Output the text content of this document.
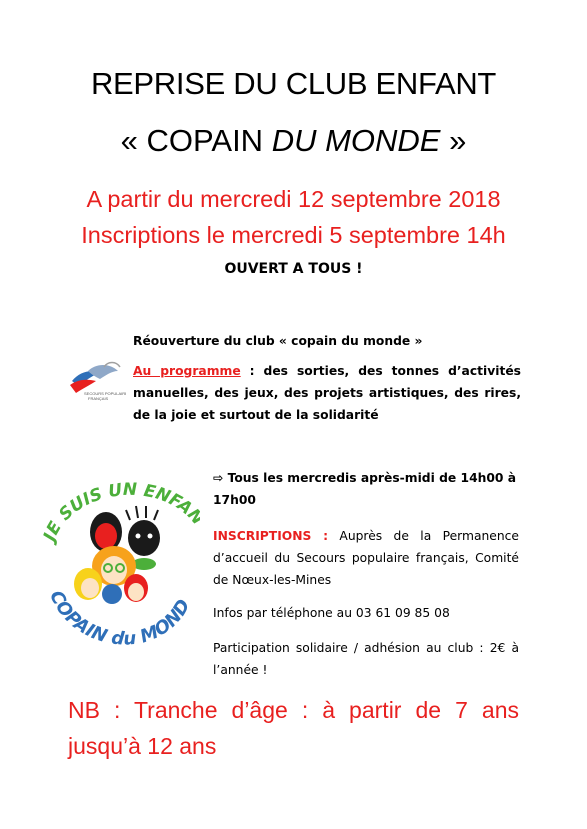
REPRISE DU CLUB ENFANT
« COPAIN DU MONDE »
A partir du mercredi 12 septembre 2018
Inscriptions le mercredi 5 septembre 14h
OUVERT A TOUS !
SECOURS POPULAIRE
FRANÇAIS
Réouverture du club « copain du monde »
Au programme : des sorties, des tonnes d’activités manuelles, des jeux, des projets artistiques, des rires, de la joie et surtout de la solidarité
JE SUIS UN ENFA
COPAIN du MOND
⇨ Tous les mercredis après-midi de 14h00 à 17h00
INSCRIPTIONS : Auprès de la Permanence d’accueil du Secours populaire français, Comité de Nœux-les-Mines
Infos par téléphone au 03 61 09 85 08
Participation solidaire / adhésion au club : 2€ à l’année !
NB : Tranche d’âge : à partir de 7 ans jusqu’à 12 ans
